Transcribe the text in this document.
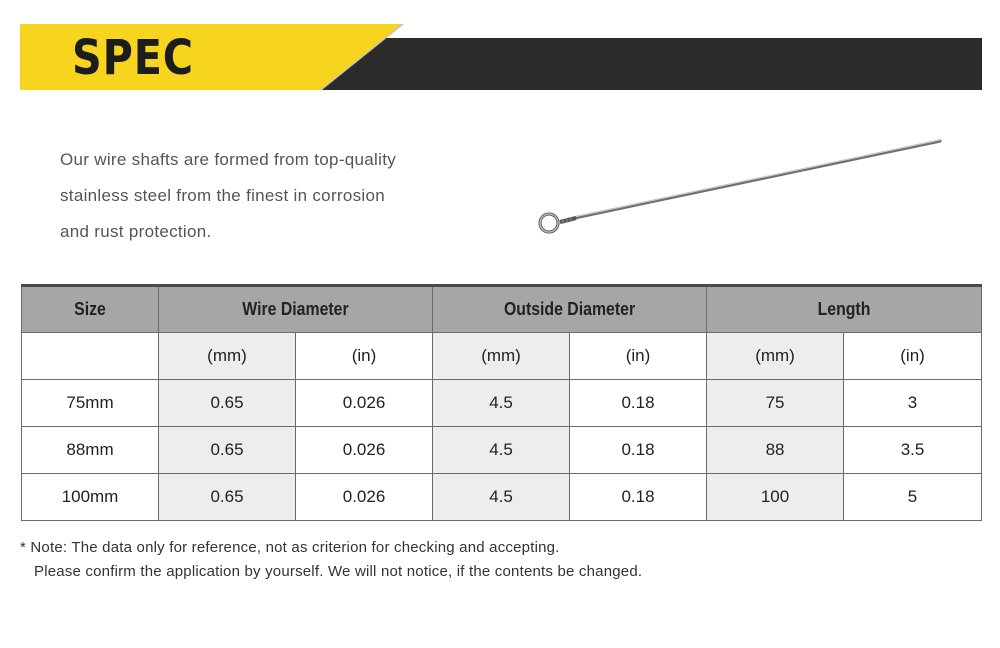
SPEC

Our wire shafts are formed from top-quality

stainless steel from the finest in corrosion

and rust protection.

Size	Wire Diameter		Outside Diameter		Length	
	(mm)	(in)	(mm)	(in)	(mm)	(in)
75mm	0.65	0.026	4.5	0.18	75	3
88mm	0.65	0.026	4.5	0.18	88	3.5
100mm	0.65	0.026	4.5	0.18	100	5

* Note: The data only for reference, not as criterion for checking and accepting.

Please confirm the application by yourself. We will not notice, if the contents be changed.
